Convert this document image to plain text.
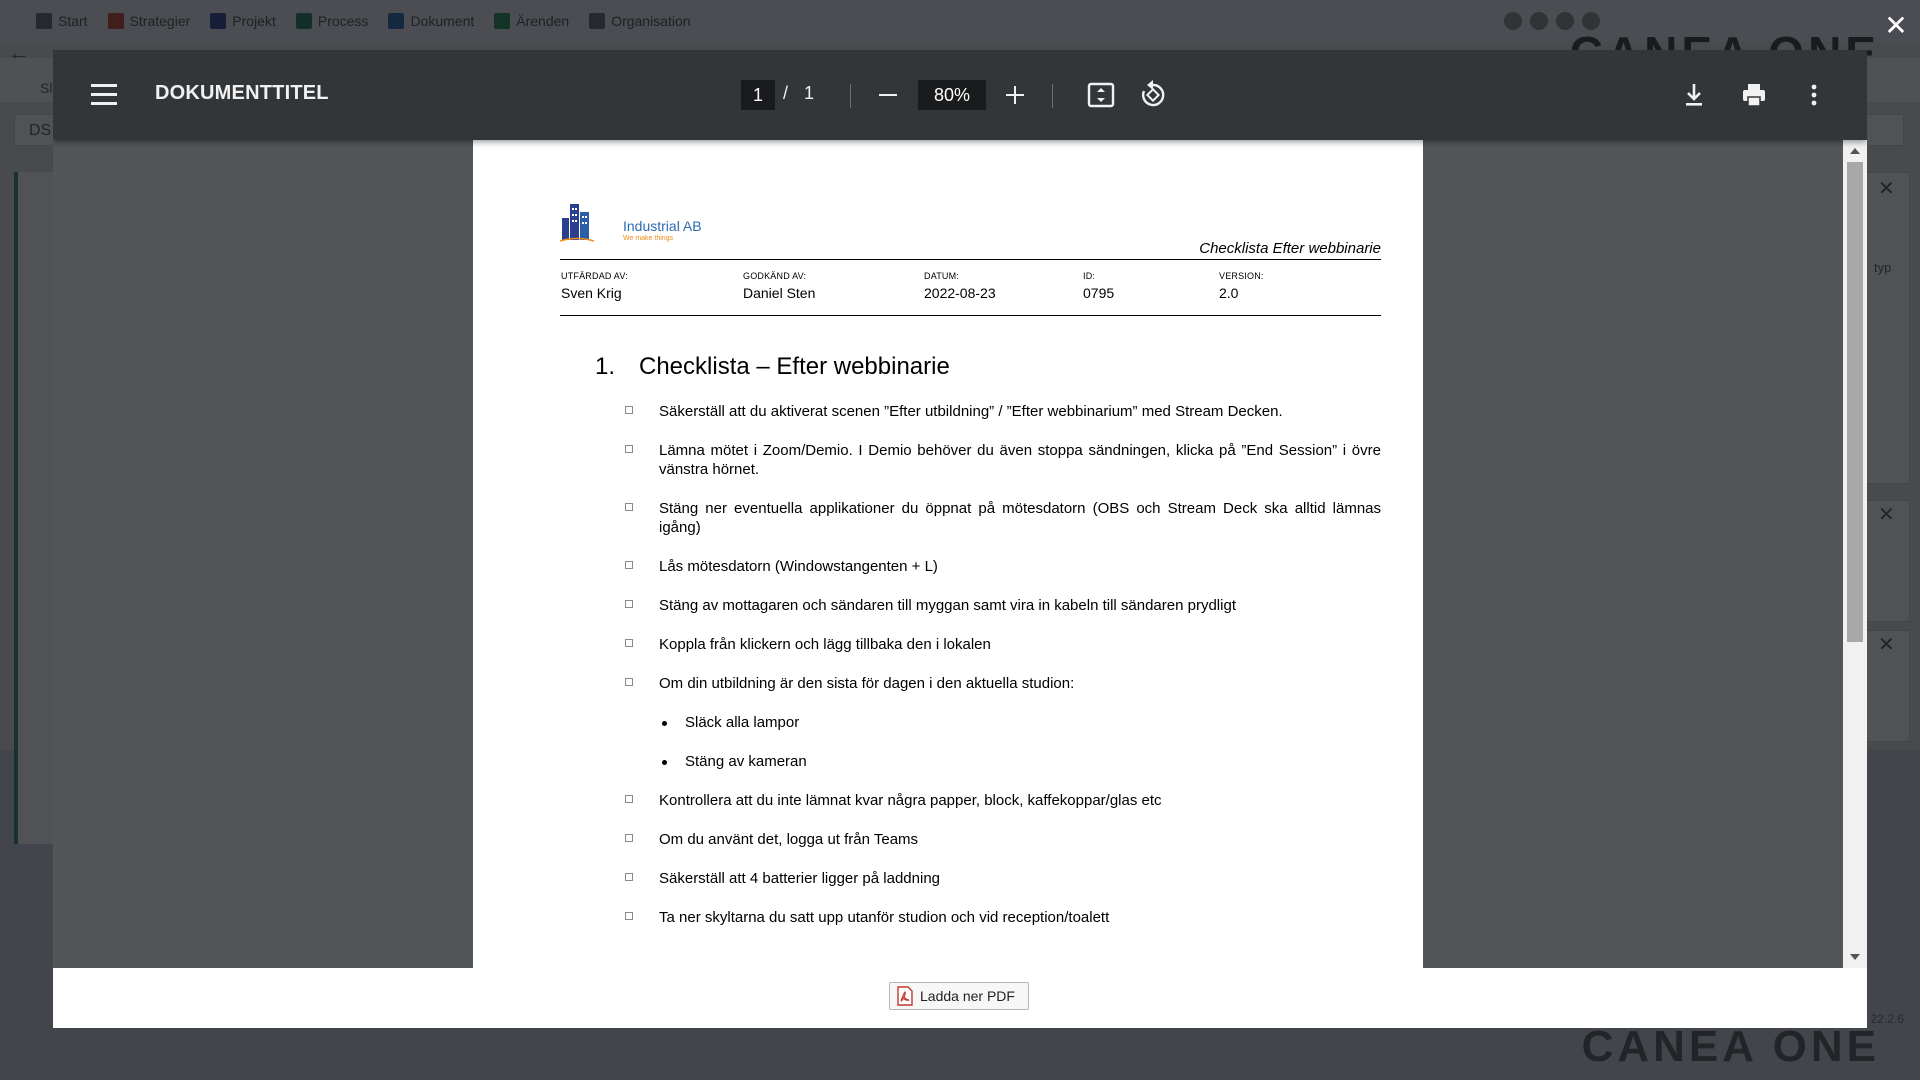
✕
DOKUMENTTITEL	1	/ 1	80%
Industrial AB
We make things
Checklista Efter webbinarie
UTFÄRDAD AV:
Sven Krig
GODKÄND AV:
Daniel Sten
DATUM:
2022-08-23
ID:
0795
VERSION:
2.0
1. Checklista – Efter webbinarie
Säkerställ att du aktiverat scenen ”Efter utbildning” / ”Efter webbinarium” med Stream Decken.
Lämna mötet i Zoom/Demio. I Demio behöver du även stoppa sändningen, klicka på ”End Session” i övre vänstra hörnet.
Stäng ner eventuella applikationer du öppnat på mötesdatorn (OBS och Stream Deck ska alltid lämnas igång)
Lås mötesdatorn (Windowstangenten + L)
Stäng av mottagaren och sändaren till myggan samt vira in kabeln till sändaren prydligt
Koppla från klickern och lägg tillbaka den i lokalen
Om din utbildning är den sista för dagen i den aktuella studion:
Släck alla lampor
Stäng av kameran
Kontrollera att du inte lämnat kvar några papper, block, kaffekoppar/glas etc
Om du använt det, logga ut från Teams
Säkerställ att 4 batterier ligger på laddning
Ta ner skyltarna du satt upp utanför studion och vid reception/toalett
Ladda ner PDF
